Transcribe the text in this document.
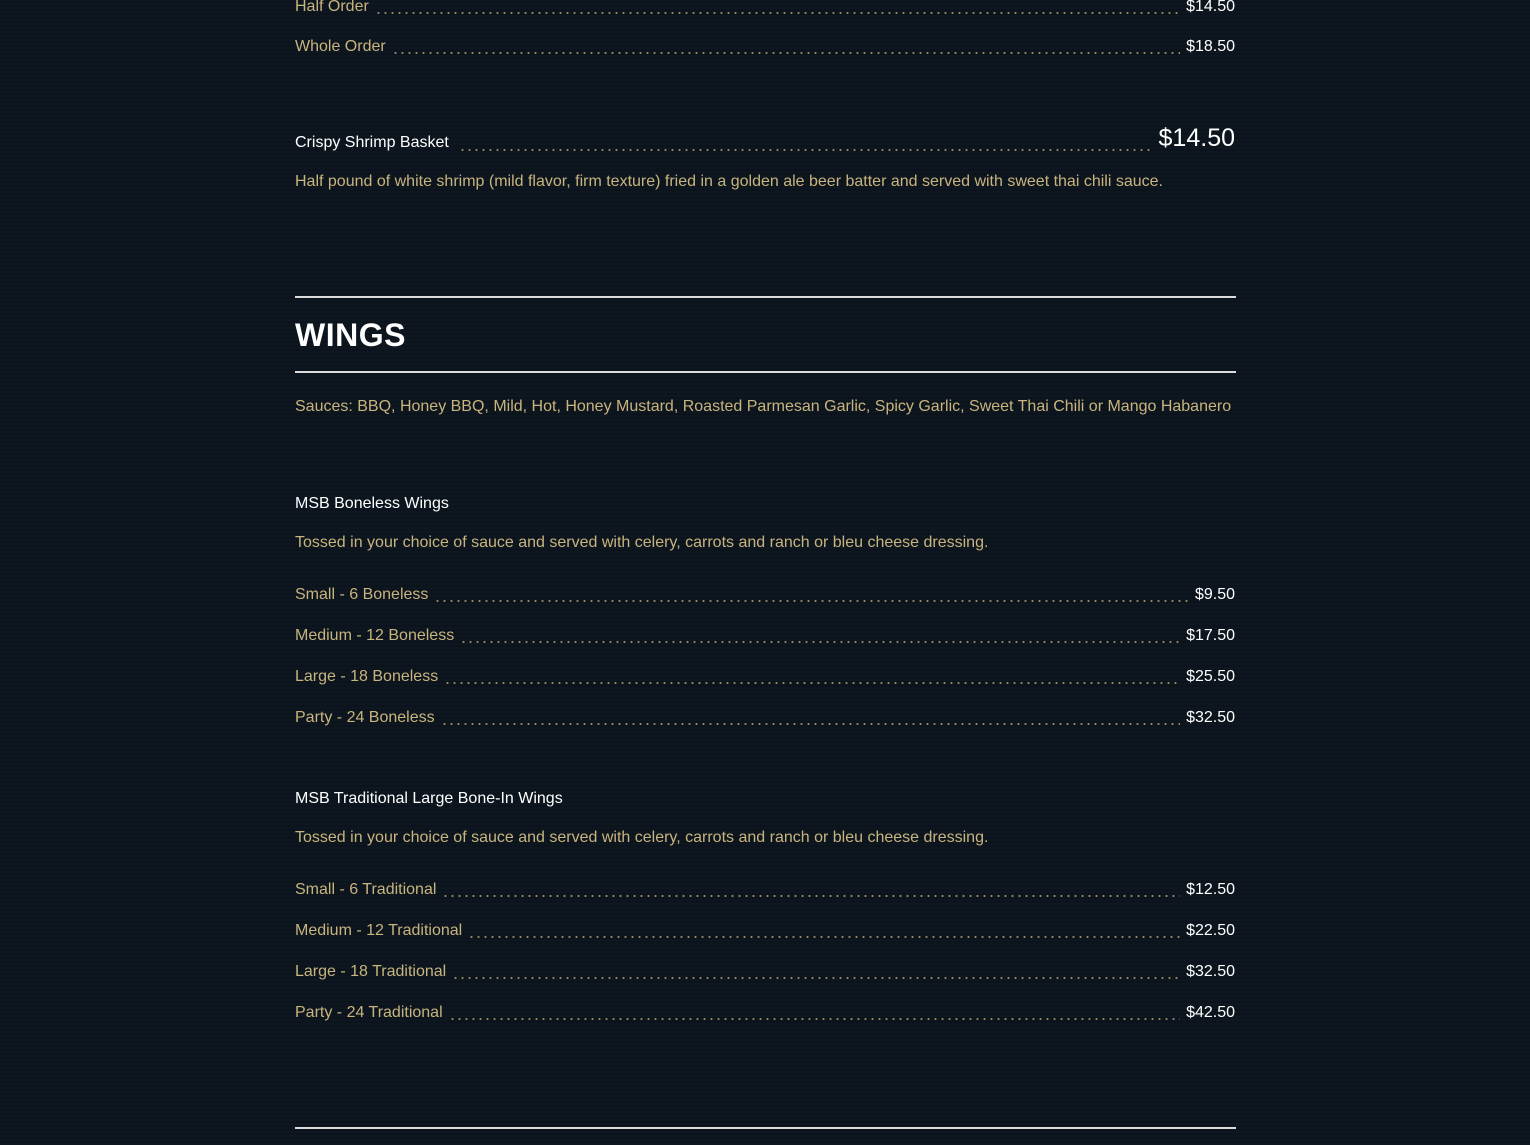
Half Order	$14.50
Whole Order	$18.50
Crispy Shrimp Basket	$14.50
Half pound of white shrimp (mild flavor, firm texture) fried in a golden ale beer batter and served with sweet thai chili sauce.
WINGS
Sauces: BBQ, Honey BBQ, Mild, Hot, Honey Mustard, Roasted Parmesan Garlic, Spicy Garlic, Sweet Thai Chili or Mango Habanero
MSB Boneless Wings
Tossed in your choice of sauce and served with celery, carrots and ranch or bleu cheese dressing.
Small - 6 Boneless	$9.50
Medium - 12 Boneless	$17.50
Large - 18 Boneless	$25.50
Party - 24 Boneless	$32.50
MSB Traditional Large Bone-In Wings
Tossed in your choice of sauce and served with celery, carrots and ranch or bleu cheese dressing.
Small - 6 Traditional	$12.50
Medium - 12 Traditional	$22.50
Large - 18 Traditional	$32.50
Party - 24 Traditional	$42.50
